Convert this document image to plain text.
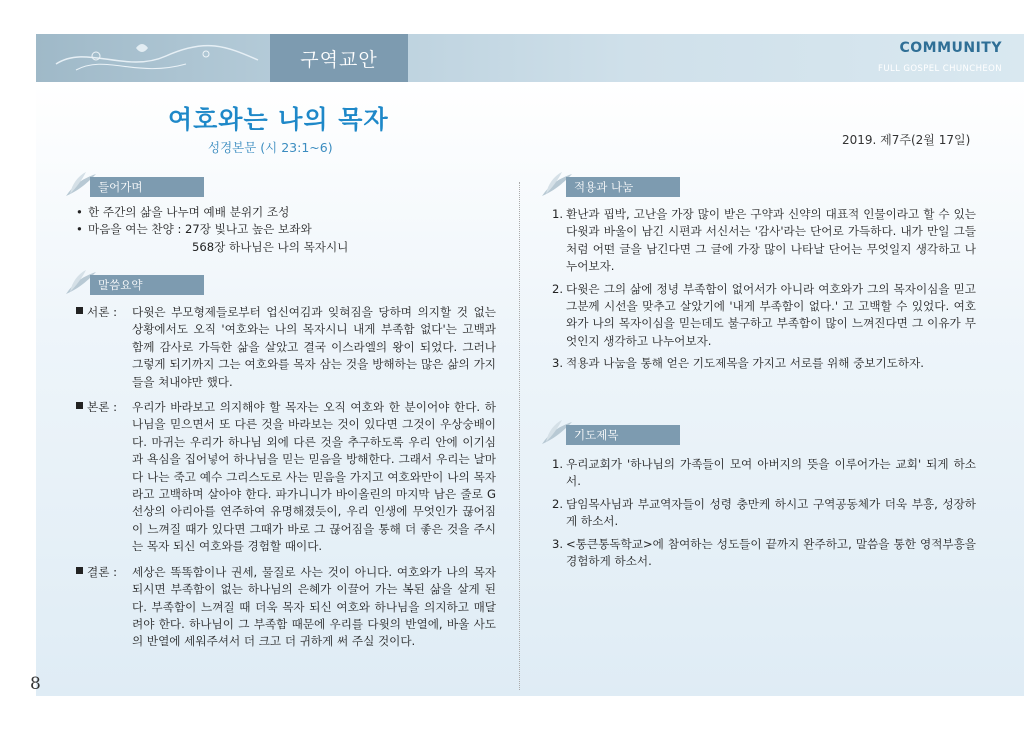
구역교안
COMMUNITY
FULL GOSPEL CHUNCHEON
여호와는 나의 목자
성경본문 (시 23:1~6)	2019. 제7주(2월 17일)
들어가며
• 한 주간의 삶을 나누며 예배 분위기 조성
• 마음을 여는 찬양 : 27장 빛나고 높은 보좌와
568장 하나님은 나의 목자시니
말씀요약
서론 : 다윗은 부모형제들로부터 업신여김과 잊혀짐을 당하며 의지할 것 없는 상황에서도 오직 '여호와는 나의 목자시니 내게 부족함 없다'는 고백과 함께 감사로 가득한 삶을 살았고 결국 이스라엘의 왕이 되었다. 그러나 그렇게 되기까지 그는 여호와를 목자 삼는 것을 방해하는 많은 삶의 가지들을 쳐내야만 했다.
본론 : 우리가 바라보고 의지해야 할 목자는 오직 여호와 한 분이어야 한다. 하나님을 믿으면서 또 다른 것을 바라보는 것이 있다면 그것이 우상숭배이다. 마귀는 우리가 하나님 외에 다른 것을 추구하도록 우리 안에 이기심과 욕심을 집어넣어 하나님을 믿는 믿음을 방해한다. 그래서 우리는 날마다 나는 죽고 예수 그리스도로 사는 믿음을 가지고 여호와만이 나의 목자라고 고백하며 살아야 한다. 파가니니가 바이올린의 마지막 남은 줄로 G선상의 아리아를 연주하여 유명해졌듯이, 우리 인생에 무엇인가 끊어짐이 느껴질 때가 있다면 그때가 바로 그 끊어짐을 통해 더 좋은 것을 주시는 목자 되신 여호와를 경험할 때이다.
결론 : 세상은 똑똑함이나 권세, 물질로 사는 것이 아니다. 여호와가 나의 목자 되시면 부족함이 없는 하나님의 은혜가 이끌어 가는 복된 삶을 살게 된다. 부족함이 느껴질 때 더욱 목자 되신 여호와 하나님을 의지하고 매달려야 한다. 하나님이 그 부족함 때문에 우리를 다윗의 반열에, 바울 사도의 반열에 세워주셔서 더 크고 더 귀하게 써 주실 것이다.
적용과 나눔
1. 환난과 핍박, 고난을 가장 많이 받은 구약과 신약의 대표적 인물이라고 할 수 있는 다윗과 바울이 남긴 시편과 서신서는 '감사'라는 단어로 가득하다. 내가 만일 그들처럼 어떤 글을 남긴다면 그 글에 가장 많이 나타날 단어는 무엇일지 생각하고 나누어보자.
2. 다윗은 그의 삶에 정녕 부족함이 없어서가 아니라 여호와가 그의 목자이심을 믿고 그분께 시선을 맞추고 살았기에 '내게 부족함이 없다.' 고 고백할 수 있었다. 여호와가 나의 목자이심을 믿는데도 불구하고 부족함이 많이 느껴진다면 그 이유가 무엇인지 생각하고 나누어보자.
3. 적용과 나눔을 통해 얻은 기도제목을 가지고 서로를 위해 중보기도하자.
기도제목
1. 우리교회가 '하나님의 가족들이 모여 아버지의 뜻을 이루어가는 교회' 되게 하소서.
2. 담임목사님과 부교역자들이 성령 충만케 하시고 구역공동체가 더욱 부흥, 성장하게 하소서.
3. <통큰통독학교>에 참여하는 성도들이 끝까지 완주하고, 말씀을 통한 영적부흥을 경험하게 하소서.
8
